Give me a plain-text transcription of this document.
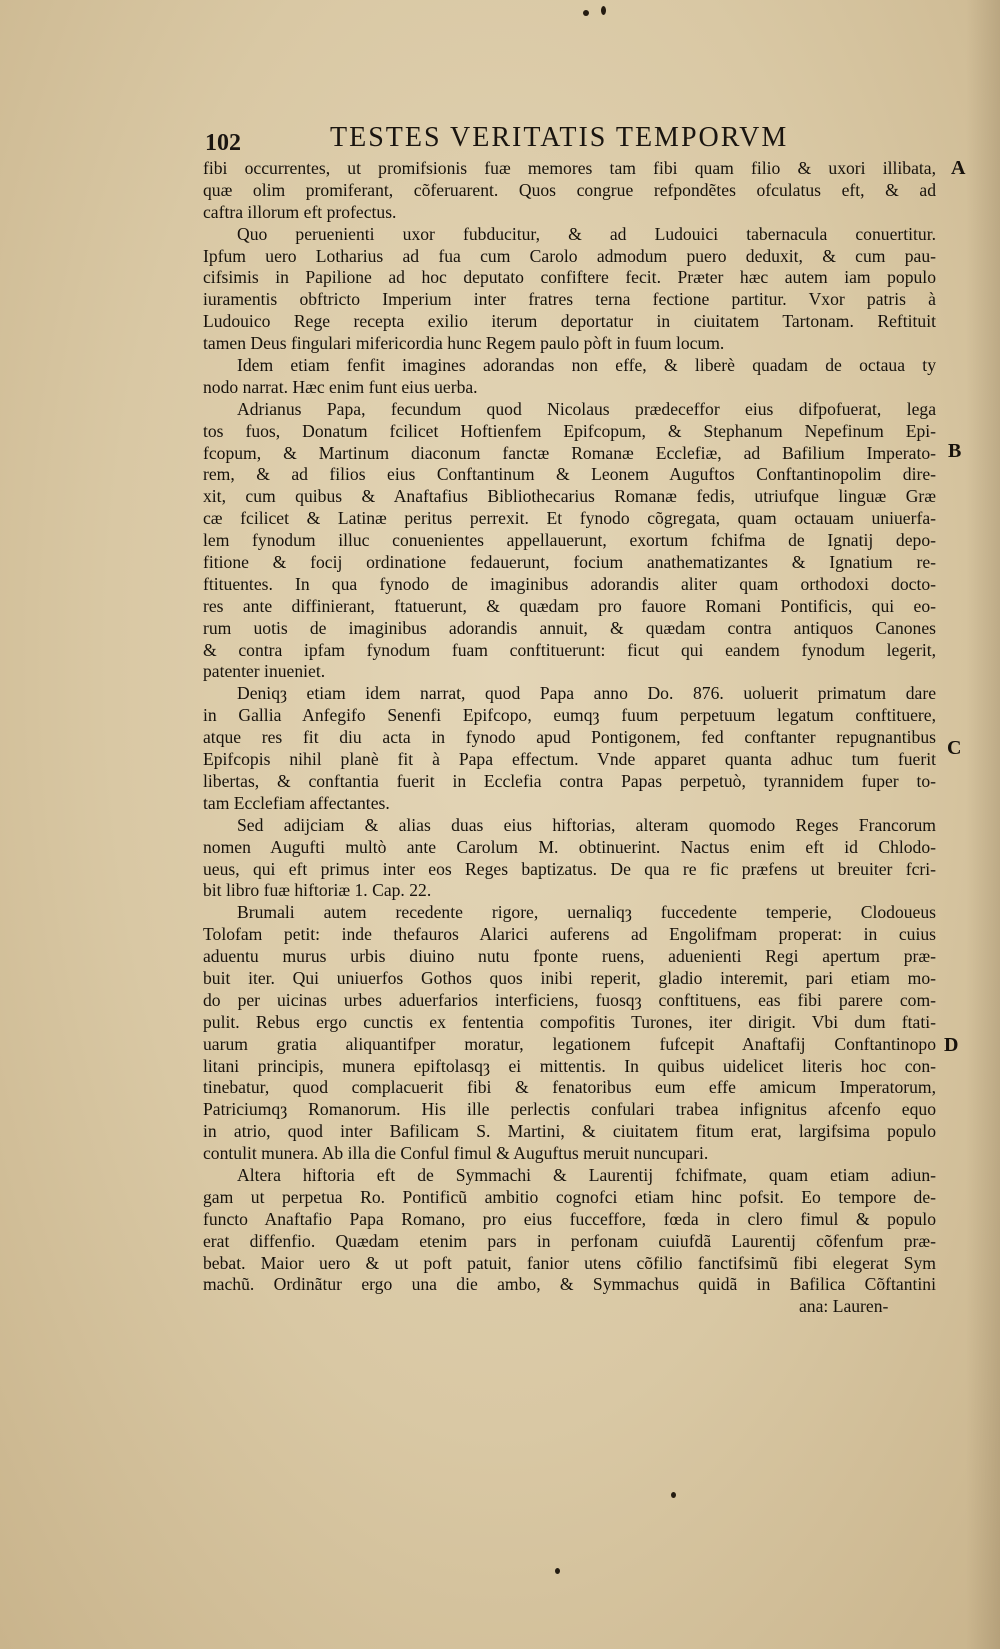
102	TESTES VERITATIS TEMPORVM
A
B
C
D
fibi occurrentes, ut promifsionis fuæ memores tam fibi quam filio & uxori illibata,
quæ olim promiferant, cõferuarent. Quos congrue refpondẽtes ofculatus eft, & ad
caftra illorum eft profectus.
Quo peruenienti uxor fubducitur, & ad Ludouici tabernacula conuertitur.
Ipfum uero Lotharius ad fua cum Carolo admodum puero deduxit, & cum pau-
cifsimis in Papilione ad hoc deputato confiftere fecit. Præter hæc autem iam populo
iuramentis obftricto Imperium inter fratres terna fectione partitur. Vxor patris à
Ludouico Rege recepta exilio iterum deportatur in ciuitatem Tartonam. Reftituit
tamen Deus fingulari mifericordia hunc Regem paulo pòft in fuum locum.
Idem etiam fenfit imagines adorandas non effe, & liberè quadam de octaua ty
nodo narrat. Hæc enim funt eius uerba.
Adrianus Papa, fecundum quod Nicolaus prædeceffor eius difpofuerat, lega
tos fuos, Donatum fcilicet Hoftienfem Epifcopum, & Stephanum Nepefinum Epi-
fcopum, & Martinum diaconum fanctæ Romanæ Ecclefiæ, ad Bafilium Imperato-
rem, & ad filios eius Conftantinum & Leonem Auguftos Conftantinopolim dire-
xit, cum quibus & Anaftafius Bibliothecarius Romanæ fedis, utriufque linguæ Græ
cæ fcilicet & Latinæ peritus perrexit. Et fynodo cõgregata, quam octauam uniuerfa-
lem fynodum illuc conuenientes appellauerunt, exortum fchifma de Ignatij depo-
fitione & focij ordinatione fedauerunt, focium anathematizantes & Ignatium re-
ftituentes. In qua fynodo de imaginibus adorandis aliter quam orthodoxi docto-
res ante diffinierant, ftatuerunt, & quædam pro fauore Romani Pontificis, qui eo-
rum uotis de imaginibus adorandis annuit, & quædam contra antiquos Canones
& contra ipfam fynodum fuam conftituerunt: ficut qui eandem fynodum legerit,
patenter inueniet.
Deniqȝ etiam idem narrat, quod Papa anno Do. 876. uoluerit primatum dare
in Gallia Anfegifo Senenfi Epifcopo, eumqȝ fuum perpetuum legatum conftituere,
atque res fit diu acta in fynodo apud Pontigonem, fed conftanter repugnantibus
Epifcopis nihil planè fit à Papa effectum. Vnde apparet quanta adhuc tum fuerit
libertas, & conftantia fuerit in Ecclefia contra Papas perpetuò, tyrannidem fuper to-
tam Ecclefiam affectantes.
Sed adijciam & alias duas eius hiftorias, alteram quomodo Reges Francorum
nomen Augufti multò ante Carolum M. obtinuerint. Nactus enim eft id Chlodo-
ueus, qui eft primus inter eos Reges baptizatus. De qua re fic præfens ut breuiter fcri-
bit libro fuæ hiftoriæ 1. Cap. 22.
Brumali autem recedente rigore, uernaliqȝ fuccedente temperie, Clodoueus
Tolofam petit: inde thefauros Alarici auferens ad Engolifmam properat: in cuius
aduentu murus urbis diuino nutu fponte ruens, aduenienti Regi apertum præ-
buit iter. Qui uniuerfos Gothos quos inibi reperit, gladio interemit, pari etiam mo-
do per uicinas urbes aduerfarios interficiens, fuosqȝ conftituens, eas fibi parere com-
pulit. Rebus ergo cunctis ex fententia compofitis Turones, iter dirigit. Vbi dum ftati-
uarum gratia aliquantifper moratur, legationem fufcepit Anaftafij Conftantinopo
litani principis, munera epiftolasqȝ ei mittentis. In quibus uidelicet literis hoc con-
tinebatur, quod complacuerit fibi & fenatoribus eum effe amicum Imperatorum,
Patriciumqȝ Romanorum. His ille perlectis confulari trabea infignitus afcenfo equo
in atrio, quod inter Bafilicam S. Martini, & ciuitatem fitum erat, largifsima populo
contulit munera. Ab illa die Conful fimul & Auguftus meruit nuncupari.
Altera hiftoria eft de Symmachi & Laurentij fchifmate, quam etiam adiun-
gam ut perpetua Ro. Pontificũ ambitio cognofci etiam hinc pofsit. Eo tempore de-
functo Anaftafio Papa Romano, pro eius fucceffore, fœda in clero fimul & populo
erat diffenfio. Quædam etenim pars in perfonam cuiufdã Laurentij cõfenfum præ-
bebat. Maior uero & ut poft patuit, fanior utens cõfilio fanctifsimũ fibi elegerat Sym
machũ. Ordinãtur ergo una die ambo, & Symmachus quidã in Bafilica Cõftantini
ana: Lauren-
